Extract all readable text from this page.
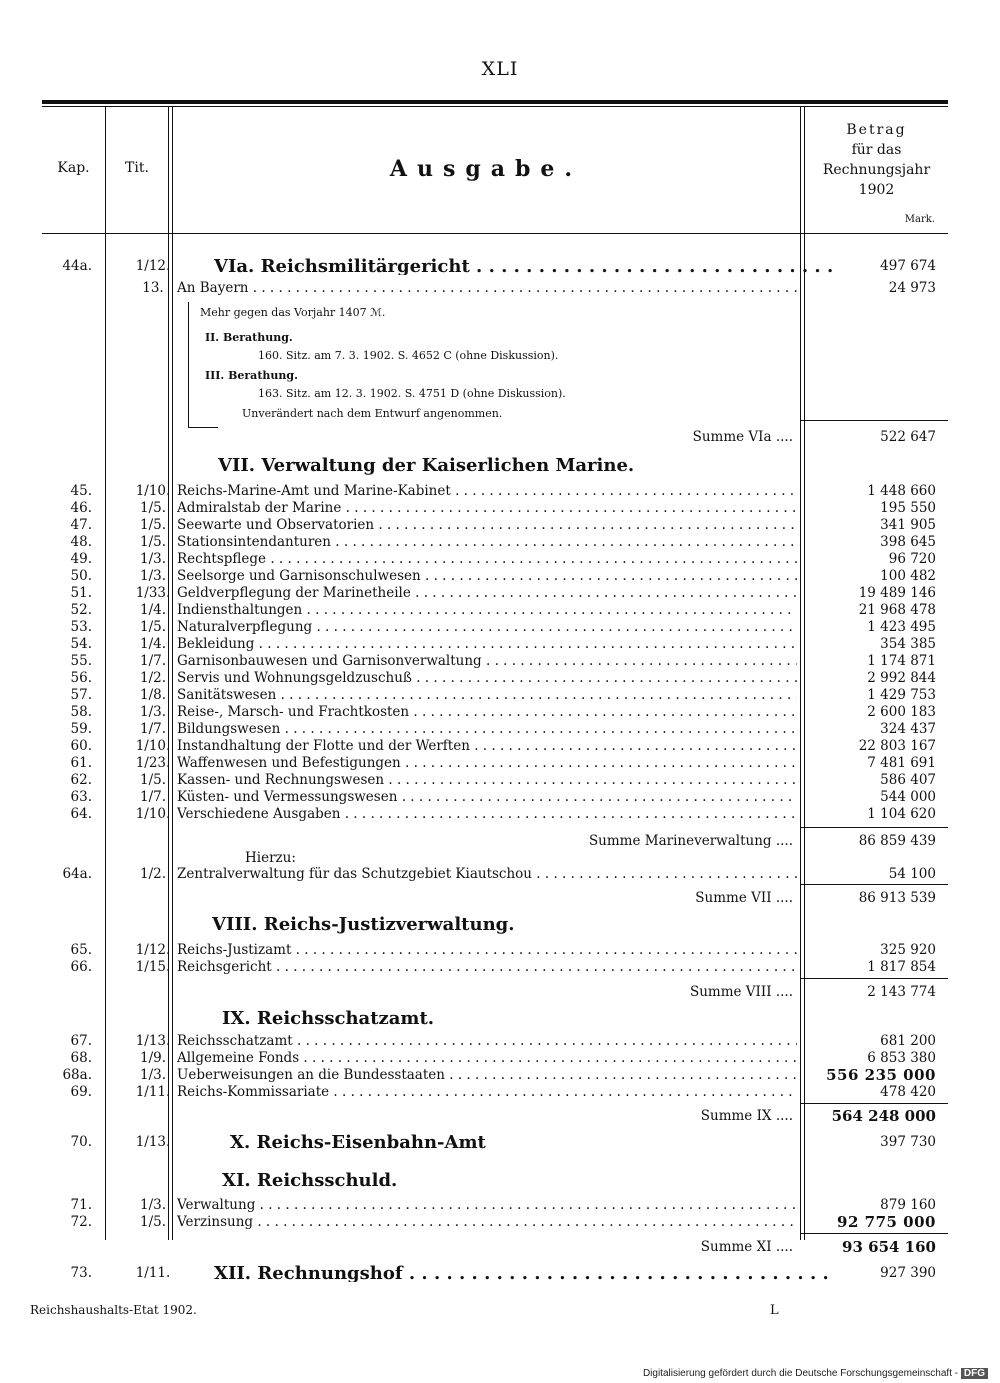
XLI
Kap.	Tit.	Ausgabe.
Betrag
für das
Rechnungsjahr
1902
Mark.
44a.	1/12.	VIa. Reichsmilitärgericht . . .	497 674
13. An Bayern . . .	24 973
Mehr gegen das Vorjahr 1407 ℳ.
II. Berathung.
160. Sitz. am 7. 3. 1902. S. 4652 C (ohne Diskussion).
III. Berathung.
163. Sitz. am 12. 3. 1902. S. 4751 D (ohne Diskussion).
Unverändert nach dem Entwurf angenommen.
Summe VIa ....	522 647
VII. Verwaltung der Kaiserlichen Marine.
45.	1/10. Reichs-Marine-Amt und Marine-Kabinet . . .	1 448 660
46.	1/5. Admiralstab der Marine . . .	195 550
47.	1/5. Seewarte und Observatorien . . .	341 905
48.	1/5. Stationsintendanturen . . .	398 645
49.	1/3. Rechtspflege . . .	96 720
50.	1/3. Seelsorge und Garnisonschulwesen . . .	100 482
51.	1/33. Geldverpflegung der Marinetheile . . .	19 489 146
52.	1/4. Indiensthaltungen . . .	21 968 478
53.	1/5. Naturalverpflegung . . .	1 423 495
54.	1/4. Bekleidung . . .	354 385
55.	1/7. Garnisonbauwesen und Garnisonverwaltung . . .	1 174 871
56.	1/2. Servis und Wohnungsgeldzuschuß . . .	2 992 844
57.	1/8. Sanitätswesen . . .	1 429 753
58.	1/3. Reise-, Marsch- und Frachtkosten . . .	2 600 183
59.	1/7. Bildungswesen . . .	324 437
60.	1/10. Instandhaltung der Flotte und der Werften . . .	22 803 167
61.	1/23. Waffenwesen und Befestigungen . . .	7 481 691
62.	1/5. Kassen- und Rechnungswesen . . .	586 407
63.	1/7. Küsten- und Vermessungswesen . . .	544 000
64.	1/10. Verschiedene Ausgaben . . .	1 104 620
Summe Marineverwaltung ....	86 859 439
Hierzu:
64a.	1/2. Zentralverwaltung für das Schutzgebiet Kiautschou . . .	54 100
Summe VII ....	86 913 539
VIII. Reichs-Justizverwaltung.
65.	1/12. Reichs-Justizamt . . .	325 920
66.	1/15. Reichsgericht . . .	1 817 854
Summe VIII ....	2 143 774
IX. Reichsschatzamt.
67.	1/13. Reichsschatzamt . . .	681 200
68.	1/9. Allgemeine Fonds . . .	6 853 380
68a.	1/3. Ueberweisungen an die Bundesstaaten . . .	556 235 000
69.	1/11. Reichs-Kommissariate . . .	478 420
Summe IX ....	564 248 000
70.	1/13.	X. Reichs-Eisenbahn-Amt	397 730
XI. Reichsschuld.
71.	1/3. Verwaltung . . .	879 160
72.	1/5. Verzinsung . . .	92 775 000
Summe XI ....	93 654 160
73.	1/11.	XII. Rechnungshof . . .	927 390
Reichshaushalts-Etat 1902.	L
Digitalisierung gefördert durch die Deutsche Forschungsgemeinschaft - DFG
